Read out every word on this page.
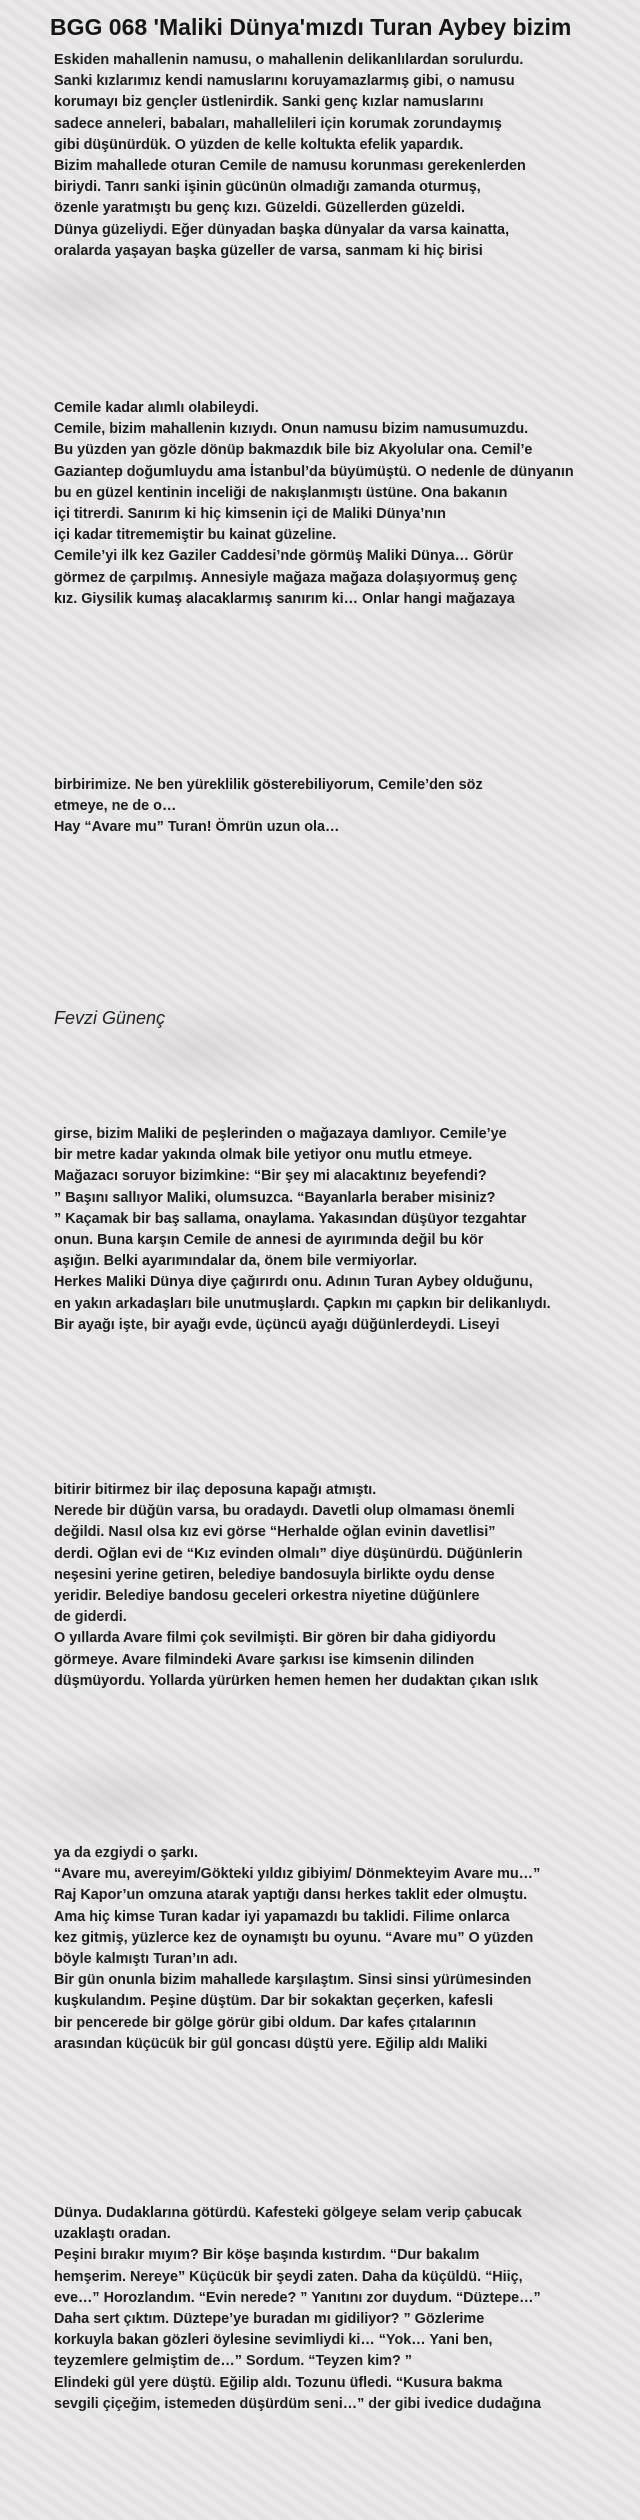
BGG 068 'Maliki Dünya'mızdı Turan Aybey bizim
Eskiden mahallenin namusu, o mahallenin delikanlılardan sorulurdu.
Sanki kızlarımız kendi namuslarını koruyamazlarmış gibi, o namusu
korumayı biz gençler üstlenirdik. Sanki genç kızlar namuslarını
sadece anneleri, babaları, mahallelileri için korumak zorundaymış
gibi düşünürdük. O yüzden de kelle koltukta efelik yapardık.
Bizim mahallede oturan Cemile de namusu korunması gerekenlerden
biriydi. Tanrı sanki işinin gücünün olmadığı zamanda oturmuş,
özenle yaratmıştı bu genç kızı. Güzeldi. Güzellerden güzeldi.
Dünya güzeliydi. Eğer dünyadan başka dünyalar da varsa kainatta,
oralarda yaşayan başka güzeller de varsa, sanmam ki hiç birisi
Cemile kadar alımlı olabileydi.
Cemile, bizim mahallenin kızıydı. Onun namusu bizim namusumuzdu.
Bu yüzden yan gözle dönüp bakmazdık bile biz Akyolular ona. Cemil’e
Gaziantep doğumluydu ama İstanbul’da büyümüştü. O nedenle de dünyanın
bu en güzel kentinin inceliği de nakışlanmıştı üstüne. Ona bakanın
içi titrerdi. Sanırım ki hiç kimsenin içi de Maliki Dünya’nın
içi kadar titrememiştir bu kainat güzeline.
Cemile’yi ilk kez Gaziler Caddesi’nde görmüş Maliki Dünya… Görür
görmez de çarpılmış. Annesiyle mağaza mağaza dolaşıyormuş genç
kız. Giysilik kumaş alacaklarmış sanırım ki… Onlar hangi mağazaya
birbirimize. Ne ben yüreklilik gösterebiliyorum, Cemile’den söz
etmeye, ne de o…
Hay “Avare mu” Turan! Ömrün uzun ola…
Fevzi Günenç
girse, bizim Maliki de peşlerinden o mağazaya damlıyor. Cemile’ye
bir metre kadar yakında olmak bile yetiyor onu mutlu etmeye.
Mağazacı soruyor bizimkine: “Bir şey mi alacaktınız beyefendi?
” Başını sallıyor Maliki, olumsuzca. “Bayanlarla beraber misiniz?
” Kaçamak bir baş sallama, onaylama. Yakasından düşüyor tezgahtar
onun. Buna karşın Cemile de annesi de ayırımında değil bu kör
aşığın. Belki ayarımındalar da, önem bile vermiyorlar.
Herkes Maliki Dünya diye çağırırdı onu. Adının Turan Aybey olduğunu,
en yakın arkadaşları bile unutmuşlardı. Çapkın mı çapkın bir delikanlıydı.
Bir ayağı işte, bir ayağı evde, üçüncü ayağı düğünlerdeydi. Liseyi
bitirir bitirmez bir ilaç deposuna kapağı atmıştı.
Nerede bir düğün varsa, bu oradaydı. Davetli olup olmaması önemli
değildi. Nasıl olsa kız evi görse “Herhalde oğlan evinin davetlisi”
derdi. Oğlan evi de “Kız evinden olmalı” diye düşünürdü. Düğünlerin
neşesini yerine getiren, belediye bandosuyla birlikte oydu dense
yeridir. Belediye bandosu geceleri orkestra niyetine düğünlere
de giderdi.
O yıllarda Avare filmi çok sevilmişti. Bir gören bir daha gidiyordu
görmeye. Avare filmindeki Avare şarkısı ise kimsenin dilinden
düşmüyordu. Yollarda yürürken hemen hemen her dudaktan çıkan ıslık
ya da ezgiydi o şarkı.
“Avare mu, avereyim/Gökteki yıldız gibiyim/ Dönmekteyim Avare mu…”
Raj Kapor’un omzuna atarak yaptığı dansı herkes taklit eder olmuştu.
Ama hiç kimse Turan kadar iyi yapamazdı bu taklidi. Filime onlarca
kez gitmiş, yüzlerce kez de oynamıştı bu oyunu. “Avare mu” O yüzden
böyle kalmıştı Turan’ın adı.
Bir gün onunla bizim mahallede karşılaştım. Sinsi sinsi yürümesinden
kuşkulandım. Peşine düştüm. Dar bir sokaktan geçerken, kafesli
bir pencerede bir gölge görür gibi oldum. Dar kafes çıtalarının
arasından küçücük bir gül goncası düştü yere. Eğilip aldı Maliki
Dünya. Dudaklarına götürdü. Kafesteki gölgeye selam verip çabucak
uzaklaştı oradan.
Peşini bırakır mıyım? Bir köşe başında kıstırdım. “Dur bakalım
hemşerim. Nereye” Küçücük bir şeydi zaten. Daha da küçüldü. “Hiiç,
eve…” Horozlandım. “Evin nerede? ” Yanıtını zor duydum. “Düztepe…”
Daha sert çıktım. Düztepe’ye buradan mı gidiliyor? ” Gözlerime
korkuyla bakan gözleri öylesine sevimliydi ki… “Yok… Yani ben,
teyzemlere gelmiştim de…” Sordum. “Teyzen kim? ”
Elindeki gül yere düştü. Eğilip aldı. Tozunu üfledi. “Kusura bakma
sevgili çiçeğim, istemeden düşürdüm seni…” der gibi ivedice dudağına
